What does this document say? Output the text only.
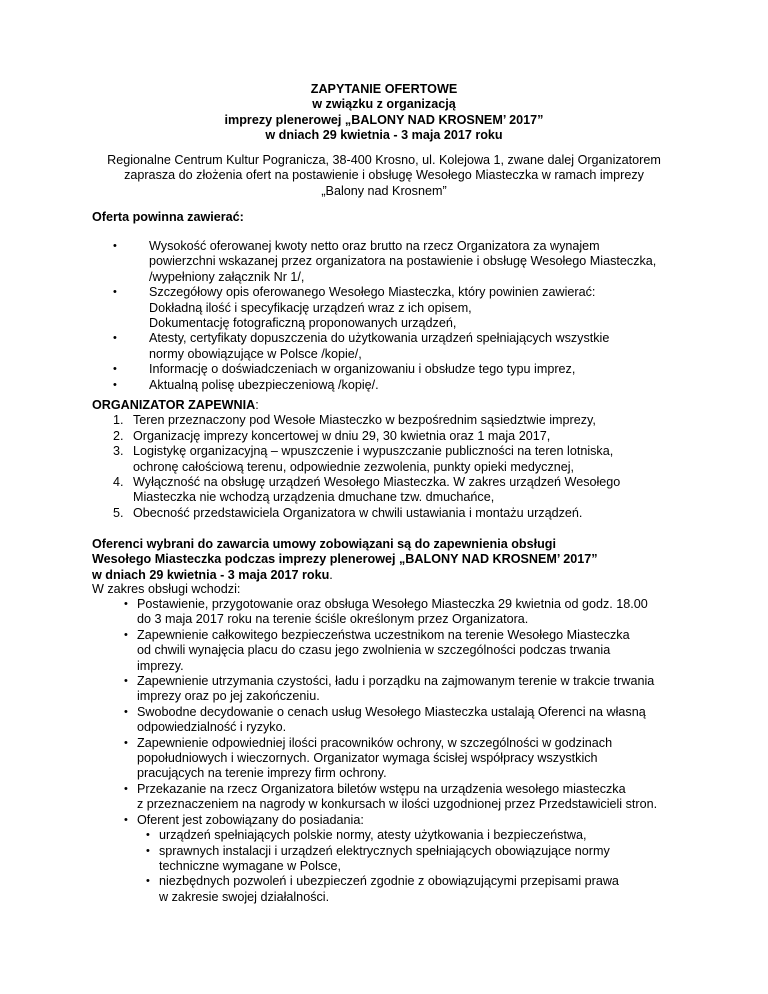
ZAPYTANIE OFERTOWE
w związku z organizacją
imprezy plenerowej „BALONY NAD KROSNEM’ 2017”
w dniach 29 kwietnia - 3 maja 2017 roku
Regionalne Centrum Kultur Pogranicza, 38-400 Krosno, ul. Kolejowa 1, zwane dalej Organizatorem
zaprasza do złożenia ofert na postawienie i obsługę Wesołego Miasteczka w ramach imprezy
„Balony nad Krosnem”
Oferta powinna zawierać:
•	Wysokość oferowanej kwoty netto oraz brutto na rzecz Organizatora za wynajem
powierzchni wskazanej przez organizatora na postawienie i obsługę Wesołego Miasteczka,
/wypełniony załącznik Nr 1/,
•	Szczegółowy opis oferowanego Wesołego Miasteczka, który powinien zawierać:
Dokładną ilość i specyfikację urządzeń wraz z ich opisem,
Dokumentację fotograficzną proponowanych urządzeń,
•	Atesty, certyfikaty dopuszczenia do użytkowania urządzeń spełniających wszystkie
normy obowiązujące w Polsce /kopie/,
•	Informację o doświadczeniach w organizowaniu i obsłudze tego typu imprez,
•	Aktualną polisę ubezpieczeniową /kopię/.
ORGANIZATOR ZAPEWNIA:
1. Teren przeznaczony pod Wesołe Miasteczko w bezpośrednim sąsiedztwie imprezy,
2. Organizację imprezy koncertowej w dniu 29, 30 kwietnia oraz 1 maja 2017,
3. Logistykę organizacyjną – wpuszczenie i wypuszczanie publiczności na teren lotniska,
ochronę całościową terenu, odpowiednie zezwolenia, punkty opieki medycznej,
4. Wyłączność na obsługę urządzeń Wesołego Miasteczka. W zakres urządzeń Wesołego
Miasteczka nie wchodzą urządzenia dmuchane tzw. dmuchańce,
5. Obecność przedstawiciela Organizatora w chwili ustawiania i montażu urządzeń.
Oferenci wybrani do zawarcia umowy zobowiązani są do zapewnienia obsługi
Wesołego Miasteczka podczas imprezy plenerowej „BALONY NAD KROSNEM’ 2017”
w dniach 29 kwietnia - 3 maja 2017 roku.
W zakres obsługi wchodzi:
• Postawienie, przygotowanie oraz obsługa Wesołego Miasteczka 29 kwietnia od godz. 18.00
do 3 maja 2017 roku na terenie ściśle określonym przez Organizatora.
• Zapewnienie całkowitego bezpieczeństwa uczestnikom na terenie Wesołego Miasteczka
od chwili wynajęcia placu do czasu jego zwolnienia w szczególności podczas trwania
imprezy.
• Zapewnienie utrzymania czystości, ładu i porządku na zajmowanym terenie w trakcie trwania
imprezy oraz po jej zakończeniu.
• Swobodne decydowanie o cenach usług Wesołego Miasteczka ustalają Oferenci na własną
odpowiedzialność i ryzyko.
• Zapewnienie odpowiedniej ilości pracowników ochrony, w szczególności w godzinach
popołudniowych i wieczornych. Organizator wymaga ścisłej współpracy wszystkich
pracujących na terenie imprezy firm ochrony.
• Przekazanie na rzecz Organizatora biletów wstępu na urządzenia wesołego miasteczka
z przeznaczeniem na nagrody w konkursach w ilości uzgodnionej przez Przedstawicieli stron.
• Oferent jest zobowiązany do posiadania:
• urządzeń spełniających polskie normy, atesty użytkowania i bezpieczeństwa,
• sprawnych instalacji i urządzeń elektrycznych spełniających obowiązujące normy
techniczne wymagane w Polsce,
• niezbędnych pozwoleń i ubezpieczeń zgodnie z obowiązującymi przepisami prawa
w zakresie swojej działalności.
